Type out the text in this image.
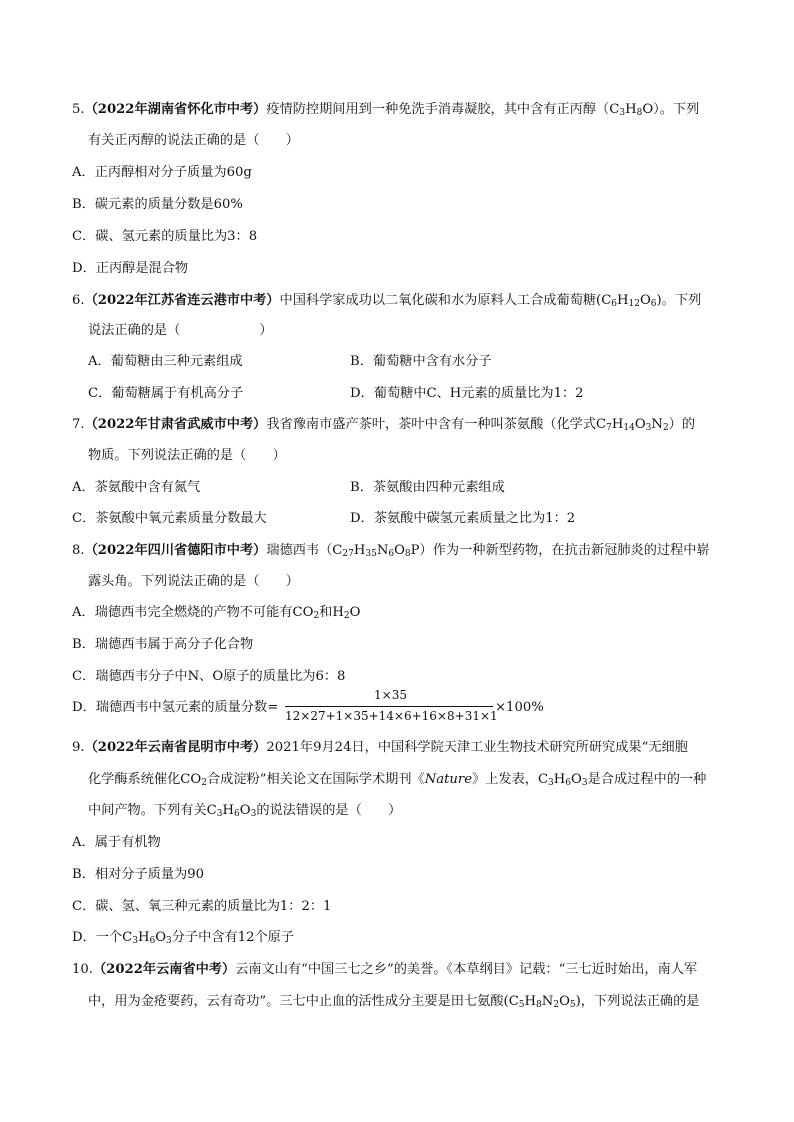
5.（2022年湖南省怀化市中考）疫情防控期间用到一种免洗手消毒凝胶，其中含有正丙醇$(C_3H_8O)$。下列
有关正丙醇的说法正确的是（　　）
A．正丙醇相对分子质量为60g
B．碳元素的质量分数是60%
C．碳、氢元素的质量比为3：8
D．正丙醇是混合物
6.（2022年江苏省连云港市中考）中国科学家成功以二氧化碳和水为原料人工合成葡萄糖$(C_6H_{12}O_6)$。下列
说法正确的是（　　　　　　）
A．葡萄糖由三种元素组成	B．葡萄糖中含有水分子
C．葡萄糖属于有机高分子	D．葡萄糖中C、H元素的质量比为1：2
7.（2022年甘肃省武威市中考）我省豫南市盛产茶叶，茶叶中含有一种叫茶氨酸（化学式$C_7H_{14}O_3N_2$）的
物质。下列说法正确的是（　　）
A．茶氨酸中含有氮气	B．茶氨酸由四种元素组成
C．茶氨酸中氧元素质量分数最大	D．茶氨酸中碳氢元素质量之比为1：2
8.（2022年四川省德阳市中考）瑞德西韦$(C_{27}H_{35}N_6O_8P)$作为一种新型药物，在抗击新冠肺炎的过程中崭
露头角。下列说法正确的是（　　）
A．瑞德西韦完全燃烧的产物不可能有$CO_2$和$H_2O$
B．瑞德西韦属于高分子化合物
C．瑞德西韦分子中N、O原子的质量比为6：8
D．瑞德西韦中氢元素的质量分数=
1×35
12×27+1×35+14×6+16×8+31×1
×100%
9.（2022年云南省昆明市中考）2021年9月24日，中国科学院天津工业生物技术研究所研究成果“无细胞
化学酶系统催化$CO_2$合成淀粉”相关论文在国际学术期刊《Nature》上发表，$C_3H_6O_3$是合成过程中的一种
中间产物。下列有关$C_3H_6O_3$的说法错误的是（　　）
A．属于有机物
B．相对分子质量为90
C．碳、氢、氧三种元素的质量比为1：2：1
D．一个$C_3H_6O_3$分子中含有12个原子
10.（2022年云南省中考）云南文山有“中国三七之乡”的美誉。《本草纲目》记载：“三七近时始出，南人军
中，用为金疮要药，云有奇功”。三七中止血的活性成分主要是田七氨酸$(C_5H_8N_2O_5)$，下列说法正确的是
